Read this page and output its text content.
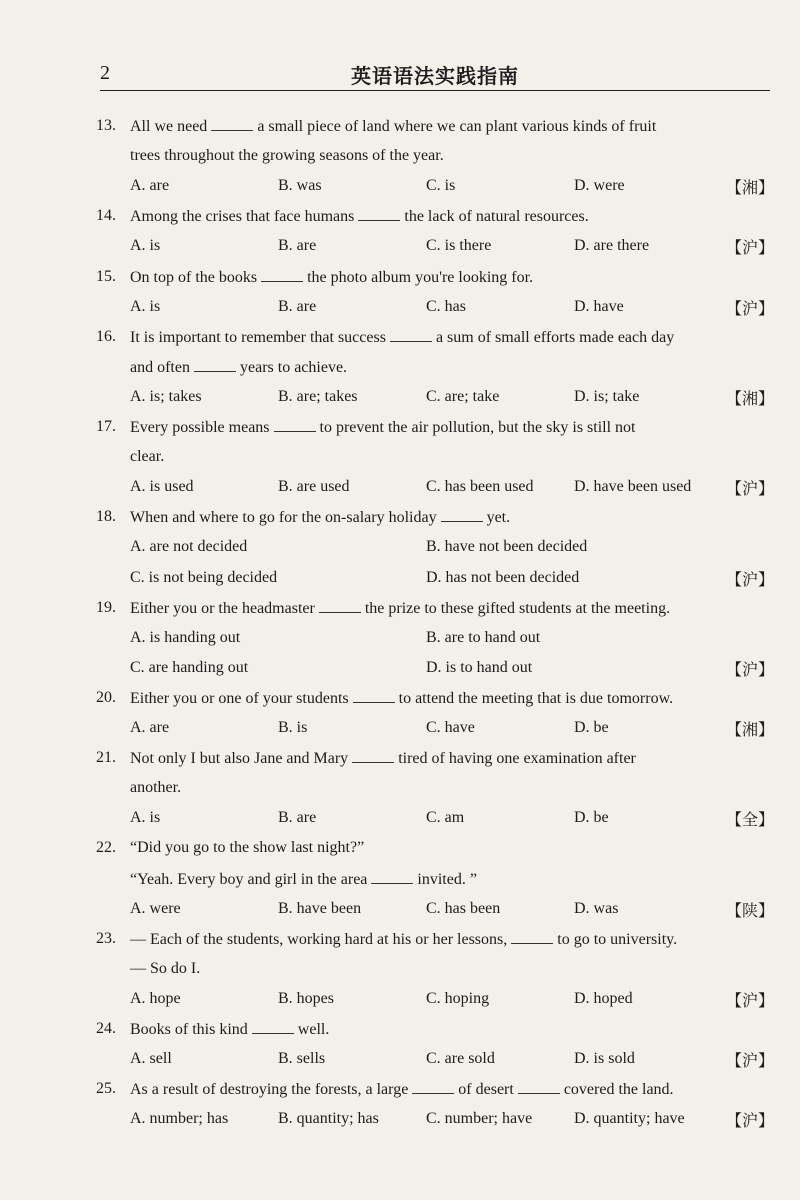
2	英语语法实践指南
13. All we need	a small piece of land where we can plant various kinds of fruit
trees throughout the growing seasons of the year.
A. are	B. was	C. is	D. were	【湘】
14. Among the crises that face humans	the lack of natural resources.
A. is	B. are	C. is there	D. are there	【沪】
15. On top of the books	the photo album you're looking for.
A. is	B. are	C. has	D. have	【沪】
16. It is important to remember that success	a sum of small efforts made each day
and often	years to achieve.
A. is; takes	B. are; takes	C. are; take	D. is; take	【湘】
17. Every possible means	to prevent the air pollution, but the sky is still not
clear.
A. is used	B. are used	C. has been used	D. have been used 【沪】
18. When and where to go for the on-salary holiday	yet.
A. are not decided	B. have not been decided
C. is not being decided	D. has not been decided	【沪】
19. Either you or the headmaster	the prize to these gifted students at the meeting.
A. is handing out	B. are to hand out
C. are handing out	D. is to hand out	【沪】
20. Either you or one of your students	to attend the meeting that is due tomorrow.
A. are	B. is	C. have	D. be	【湘】
21. Not only I but also Jane and Mary	tired of having one examination after
another.
A. is	B. are	C. am	D. be	【全】
22. “Did you go to the show last night?”
“Yeah. Every boy and girl in the area	invited. ”
A. were	B. have been	C. has been	D. was	【陕】
23. — Each of the students, working hard at his or her lessons,	to go to university.
— So do I.
A. hope	B. hopes	C. hoping	D. hoped	【沪】
24. Books of this kind	well.
A. sell	B. sells	C. are sold	D. is sold	【沪】
25. As a result of destroying the forests, a large	of desert	covered the land.
A. number; has	B. quantity; has	C. number; have	D. quantity; have	【沪】
